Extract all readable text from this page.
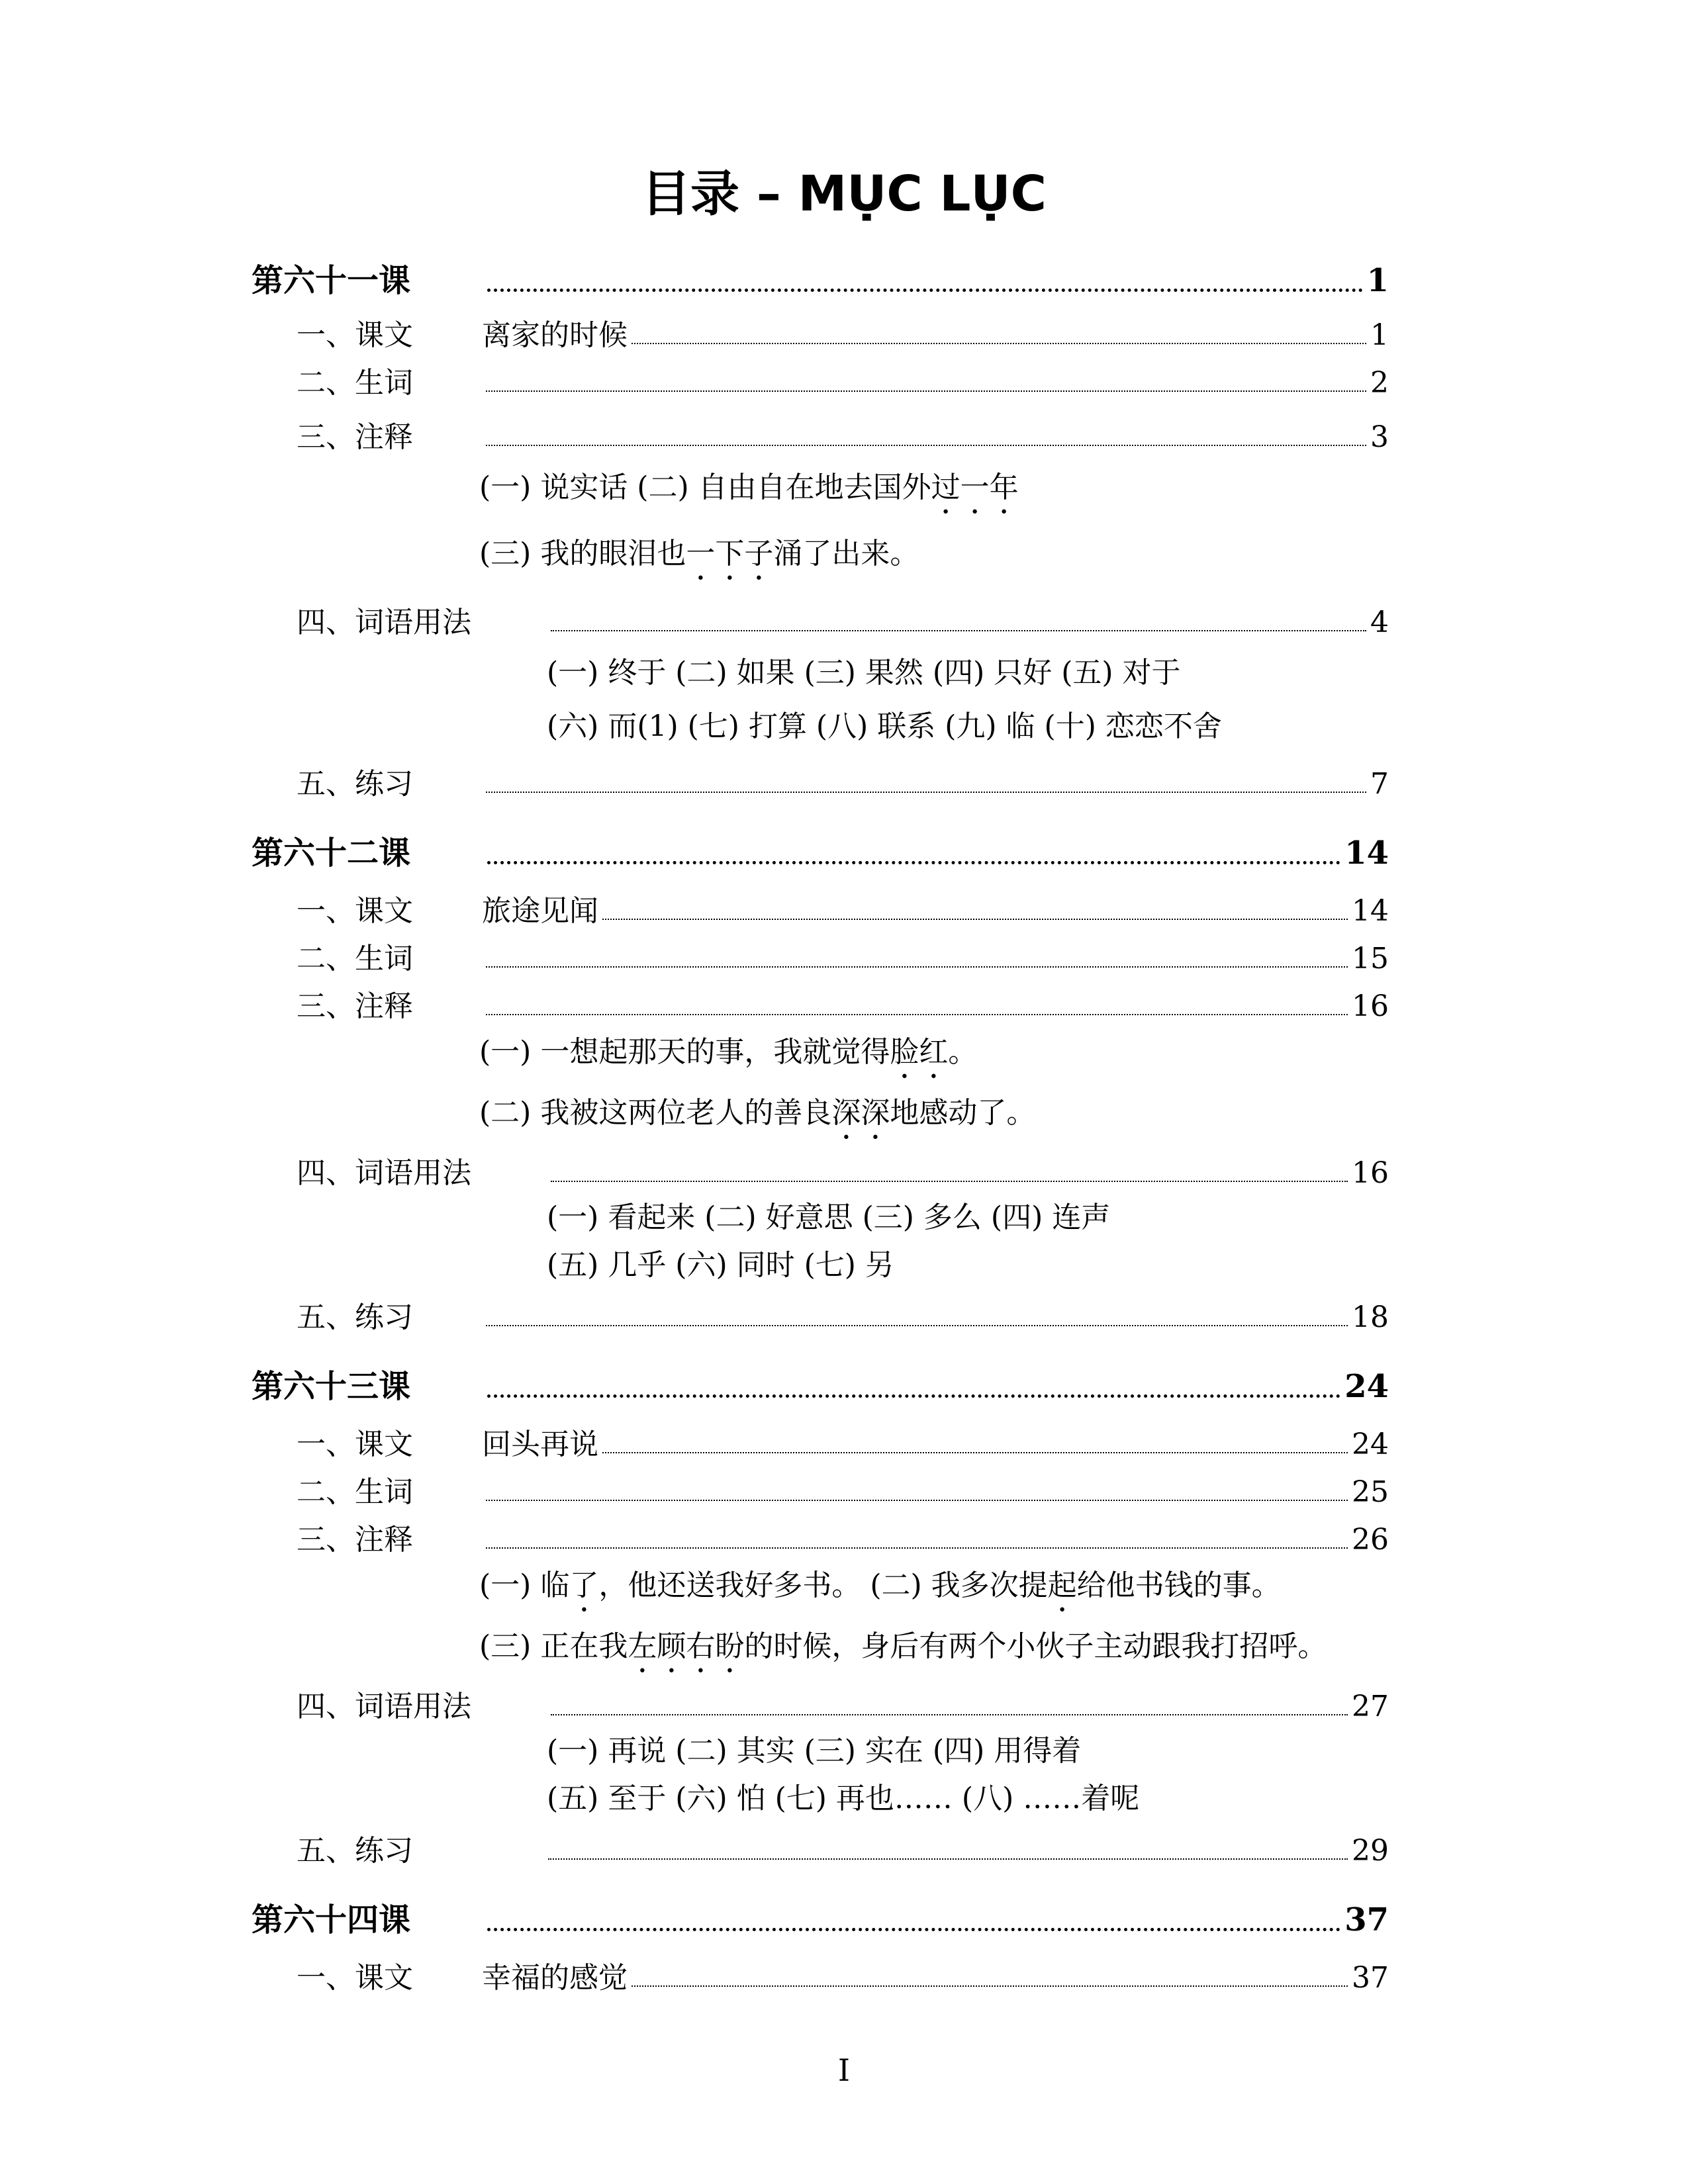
目录 – MỤC LỤC
第六十一课	1
一、课文	离家的时候	1
二、生词	2
三、注释	3
(一) 说实话 (二) 自由自在地去国外过一年
(三) 我的眼泪也一下子涌了出来。
四、词语用法	4
(一) 终于 (二) 如果 (三) 果然 (四) 只好 (五) 对于
(六) 而(1) (七) 打算 (八) 联系 (九) 临 (十) 恋恋不舍
五、练习	7
第六十二课	14
一、课文	旅途见闻	14
二、生词	15
三、注释	16
(一) 一想起那天的事，我就觉得脸红。
(二) 我被这两位老人的善良深深地感动了。
四、词语用法	16
(一) 看起来 (二) 好意思 (三) 多么 (四) 连声
(五) 几乎 (六) 同时 (七) 另
五、练习	18
第六十三课	24
一、课文	回头再说	24
二、生词	25
三、注释	26
(一) 临了，他还送我好多书。 (二) 我多次提起给他书钱的事。
(三) 正在我左顾右盼的时候，身后有两个小伙子主动跟我打招呼。
四、词语用法	27
(一) 再说 (二) 其实 (三) 实在 (四) 用得着
(五) 至于 (六) 怕 (七) 再也…… (八) ……着呢
五、练习	29
第六十四课	37
一、课文	幸福的感觉	37
I
